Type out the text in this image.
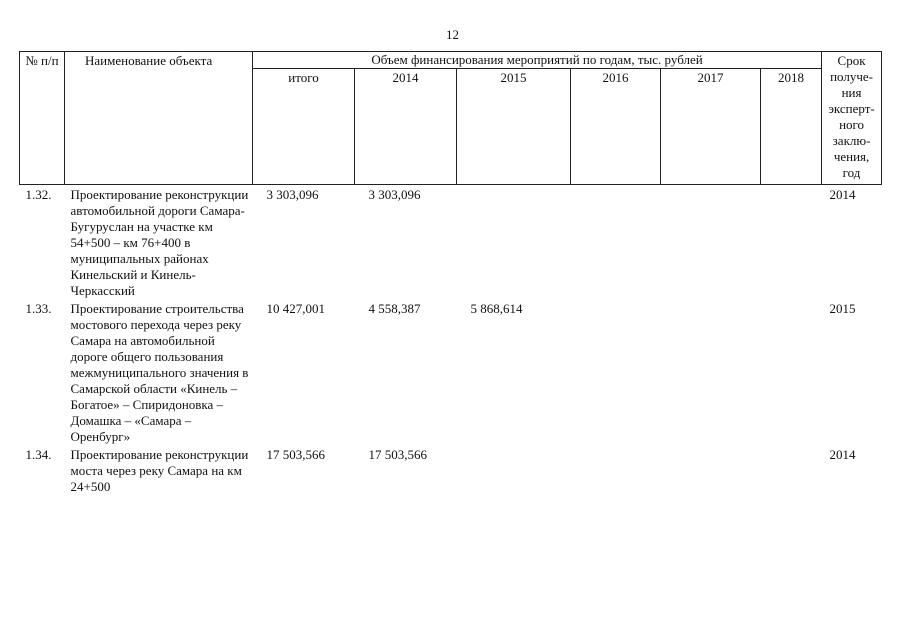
12
№ п/п	Наименование объекта	Объем финансирования мероприятий по годам, тыс. рублей						Срок получе-ния эксперт-ного заклю-чения, год
		итого	2014	2015	2016	2017	2018	
1.32.	Проектирование реконструкции автомобильной дороги Самара-Бугуруслан на участке км 54+500 – км 76+400 в муниципальных районах Кинельский и Кинель-Черкасский	3 303,096	3 303,096					2014
1.33.	Проектирование строительства мостового перехода через реку Самара на автомобильной дороге общего пользования межмуниципального значения в Самарской области «Кинель – Богатое» – Спиридоновка – Домашка – «Самара – Оренбург»	10 427,001	4 558,387	5 868,614				2015
1.34.	Проектирование реконструкции моста через реку Самара на км 24+500	17 503,566	17 503,566					2014
